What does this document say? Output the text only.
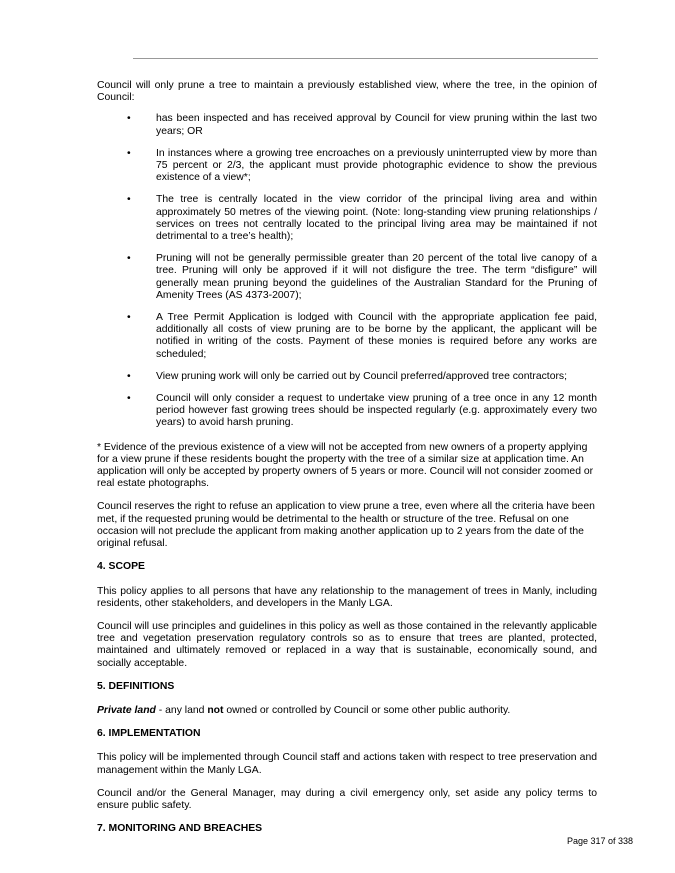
Council will only prune a tree to maintain a previously established view, where the tree, in the opinion of Council:

• has been inspected and has received approval by Council for view pruning within the last two years; OR
• In instances where a growing tree encroaches on a previously uninterrupted view by more than 75 percent or 2/3, the applicant must provide photographic evidence to show the previous existence of a view*;
• The tree is centrally located in the view corridor of the principal living area and within approximately 50 metres of the viewing point. (Note: long-standing view pruning relationships / services on trees not centrally located to the principal living area may be maintained if not detrimental to a tree’s health);
• Pruning will not be generally permissible greater than 20 percent of the total live canopy of a tree. Pruning will only be approved if it will not disfigure the tree. The term “disfigure” will generally mean pruning beyond the guidelines of the Australian Standard for the Pruning of Amenity Trees (AS 4373-2007);
• A Tree Permit Application is lodged with Council with the appropriate application fee paid, additionally all costs of view pruning are to be borne by the applicant, the applicant will be notified in writing of the costs. Payment of these monies is required before any works are scheduled;
• View pruning work will only be carried out by Council preferred/approved tree contractors;
• Council will only consider a request to undertake view pruning of a tree once in any 12 month period however fast growing trees should be inspected regularly (e.g. approximately every two years) to avoid harsh pruning.

* Evidence of the previous existence of a view will not be accepted from new owners of a property applying for a view prune if these residents bought the property with the tree of a similar size at application time. An application will only be accepted by property owners of 5 years or more. Council will not consider zoomed or real estate photographs.

Council reserves the right to refuse an application to view prune a tree, even where all the criteria have been met, if the requested pruning would be detrimental to the health or structure of the tree. Refusal on one occasion will not preclude the applicant from making another application up to 2 years from the date of the original refusal.

4. SCOPE

This policy applies to all persons that have any relationship to the management of trees in Manly, including residents, other stakeholders, and developers in the Manly LGA.

Council will use principles and guidelines in this policy as well as those contained in the relevantly applicable tree and vegetation preservation regulatory controls so as to ensure that trees are planted, protected, maintained and ultimately removed or replaced in a way that is sustainable, economically sound, and socially acceptable.

5. DEFINITIONS

Private land - any land not owned or controlled by Council or some other public authority.

6. IMPLEMENTATION

This policy will be implemented through Council staff and actions taken with respect to tree preservation and management within the Manly LGA.

Council and/or the General Manager, may during a civil emergency only, set aside any policy terms to ensure public safety.

7. MONITORING AND BREACHES

Page 317 of 338
